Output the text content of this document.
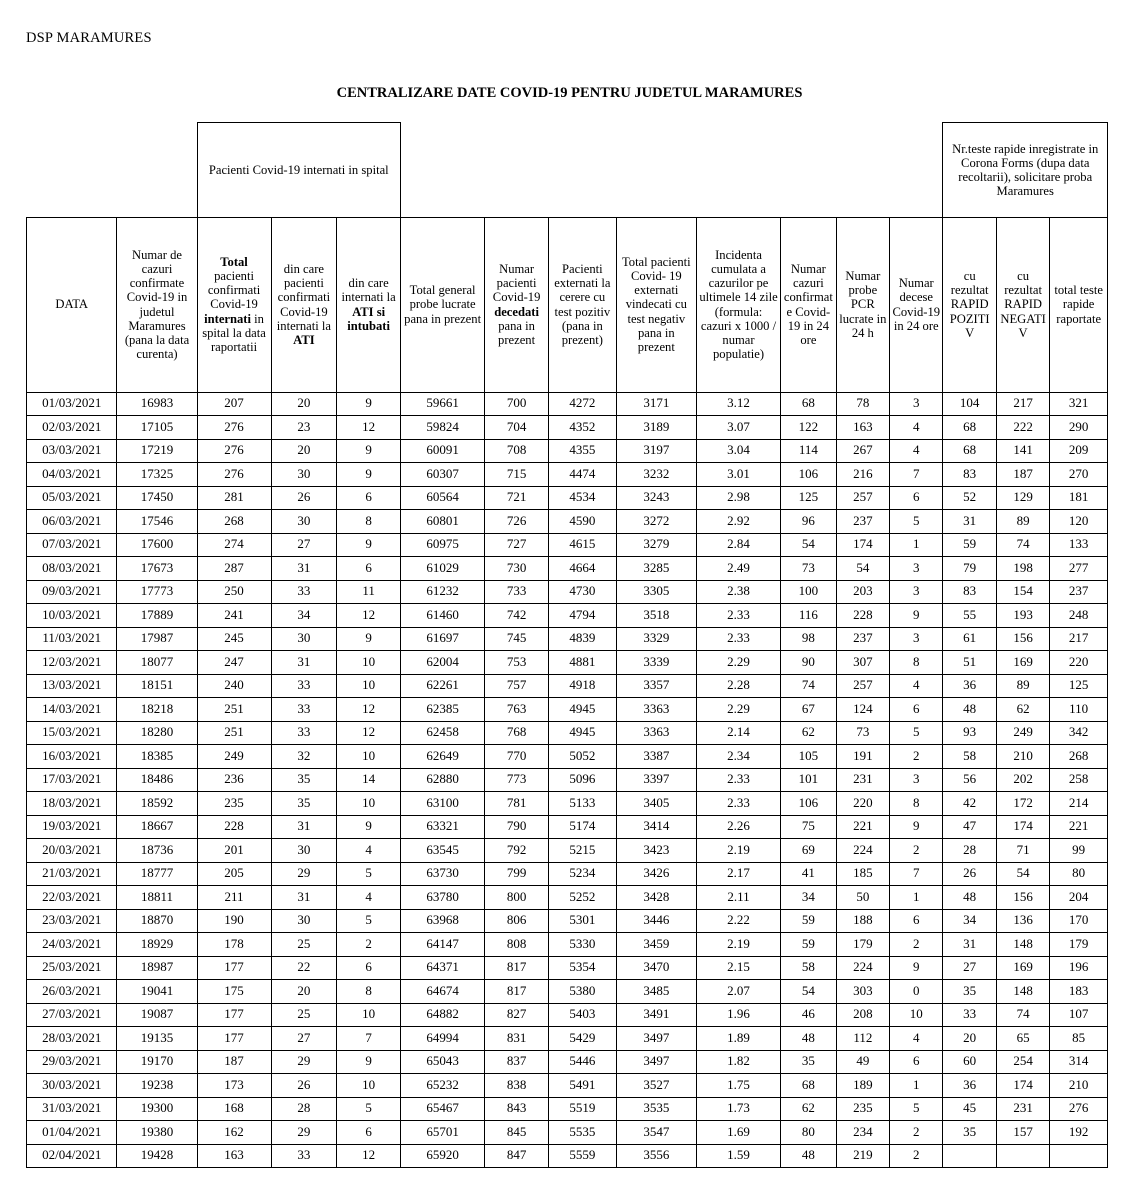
DSP MARAMURES
CENTRALIZARE DATE COVID-19 PENTRU JUDETUL MARAMURES
		Pacienti Covid-19 internati in spital											Nr.teste rapide inregistrate in Corona Forms (dupa data recoltarii), solicitare proba Maramures		
DATA	Numar de cazuri confirmate Covid-19 in judetul Maramures (pana la data curenta)	Total pacienti confirmati Covid-19 internati in spital la data raportatii	din care pacienti confirmati Covid-19 internati la ATI	din care internati la ATI si intubati	Total general probe lucrate pana in prezent	Numar pacienti Covid-19 decedati pana in prezent	Pacienti externati la cerere cu test pozitiv (pana in prezent)	Total pacienti Covid- 19 externati vindecati cu test negativ pana in prezent	Incidenta cumulata a cazurilor pe ultimele 14 zile (formula: cazuri x 1000 / numar populatie)	Numar cazuri confirmate Covid- 19 in 24 ore	Numar probe PCR lucrate in 24 h	Numar decese Covid-19 in 24 ore	cu rezultat RAPID POZITIV	cu rezultat RAPID NEGATIV	total teste rapide raportate
01/03/2021	16983	207	20	9	59661	700	4272	3171	3.12	68	78	3	104	217	321
02/03/2021	17105	276	23	12	59824	704	4352	3189	3.07	122	163	4	68	222	290
03/03/2021	17219	276	20	9	60091	708	4355	3197	3.04	114	267	4	68	141	209
04/03/2021	17325	276	30	9	60307	715	4474	3232	3.01	106	216	7	83	187	270
05/03/2021	17450	281	26	6	60564	721	4534	3243	2.98	125	257	6	52	129	181
06/03/2021	17546	268	30	8	60801	726	4590	3272	2.92	96	237	5	31	89	120
07/03/2021	17600	274	27	9	60975	727	4615	3279	2.84	54	174	1	59	74	133
08/03/2021	17673	287	31	6	61029	730	4664	3285	2.49	73	54	3	79	198	277
09/03/2021	17773	250	33	11	61232	733	4730	3305	2.38	100	203	3	83	154	237
10/03/2021	17889	241	34	12	61460	742	4794	3518	2.33	116	228	9	55	193	248
11/03/2021	17987	245	30	9	61697	745	4839	3329	2.33	98	237	3	61	156	217
12/03/2021	18077	247	31	10	62004	753	4881	3339	2.29	90	307	8	51	169	220
13/03/2021	18151	240	33	10	62261	757	4918	3357	2.28	74	257	4	36	89	125
14/03/2021	18218	251	33	12	62385	763	4945	3363	2.29	67	124	6	48	62	110
15/03/2021	18280	251	33	12	62458	768	4945	3363	2.14	62	73	5	93	249	342
16/03/2021	18385	249	32	10	62649	770	5052	3387	2.34	105	191	2	58	210	268
17/03/2021	18486	236	35	14	62880	773	5096	3397	2.33	101	231	3	56	202	258
18/03/2021	18592	235	35	10	63100	781	5133	3405	2.33	106	220	8	42	172	214
19/03/2021	18667	228	31	9	63321	790	5174	3414	2.26	75	221	9	47	174	221
20/03/2021	18736	201	30	4	63545	792	5215	3423	2.19	69	224	2	28	71	99
21/03/2021	18777	205	29	5	63730	799	5234	3426	2.17	41	185	7	26	54	80
22/03/2021	18811	211	31	4	63780	800	5252	3428	2.11	34	50	1	48	156	204
23/03/2021	18870	190	30	5	63968	806	5301	3446	2.22	59	188	6	34	136	170
24/03/2021	18929	178	25	2	64147	808	5330	3459	2.19	59	179	2	31	148	179
25/03/2021	18987	177	22	6	64371	817	5354	3470	2.15	58	224	9	27	169	196
26/03/2021	19041	175	20	8	64674	817	5380	3485	2.07	54	303	0	35	148	183
27/03/2021	19087	177	25	10	64882	827	5403	3491	1.96	46	208	10	33	74	107
28/03/2021	19135	177	27	7	64994	831	5429	3497	1.89	48	112	4	20	65	85
29/03/2021	19170	187	29	9	65043	837	5446	3497	1.82	35	49	6	60	254	314
30/03/2021	19238	173	26	10	65232	838	5491	3527	1.75	68	189	1	36	174	210
31/03/2021	19300	168	28	5	65467	843	5519	3535	1.73	62	235	5	45	231	276
01/04/2021	19380	162	29	6	65701	845	5535	3547	1.69	80	234	2	35	157	192
02/04/2021	19428	163	33	12	65920	847	5559	3556	1.59	48	219	2			
